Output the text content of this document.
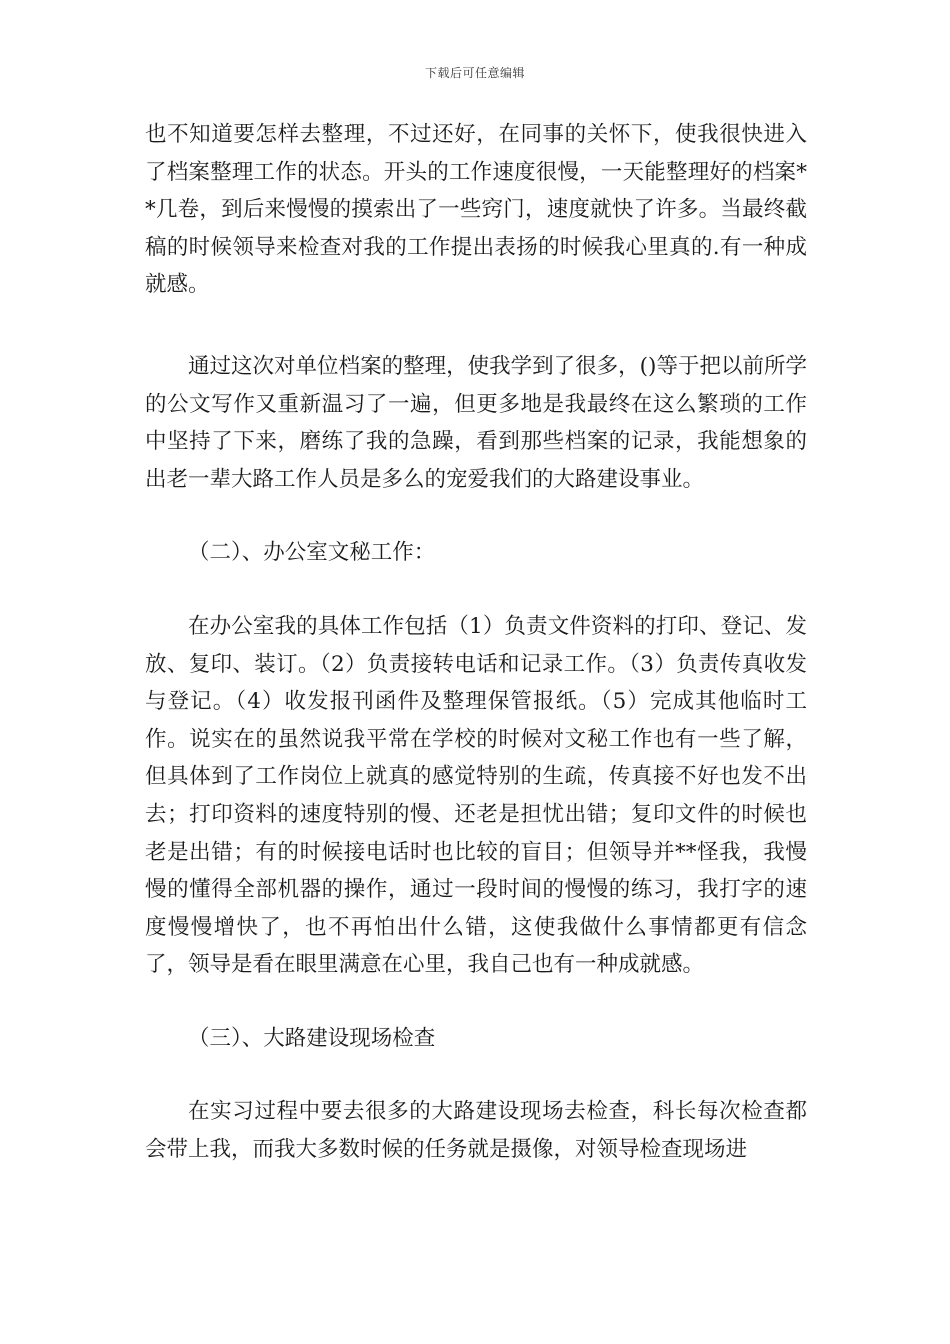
下载后可任意编辑

也不知道要怎样去整理，不过还好，在同事的关怀下，使我很快进入了档案整理工作的状态。开头的工作速度很慢，一天能整理好的档案**几卷，到后来慢慢的摸索出了一些窍门，速度就快了许多。当最终截稿的时候领导来检查对我的工作提出表扬的时候我心里真的.有一种成就感。

通过这次对单位档案的整理，使我学到了很多，()等于把以前所学的公文写作又重新温习了一遍，但更多地是我最终在这么繁琐的工作中坚持了下来，磨练了我的急躁，看到那些档案的记录，我能想象的出老一辈大路工作人员是多么的宠爱我们的大路建设事业。

（二）、办公室文秘工作：

在办公室我的具体工作包括（1）负责文件资料的打印、登记、发放、复印、装订。（2）负责接转电话和记录工作。（3）负责传真收发与登记。（4）收发报刊函件及整理保管报纸。（5）完成其他临时工作。说实在的虽然说我平常在学校的时候对文秘工作也有一些了解，但具体到了工作岗位上就真的感觉特别的生疏，传真接不好也发不出去；打印资料的速度特别的慢、还老是担忧出错；复印文件的时候也老是出错；有的时候接电话时也比较的盲目；但领导并**怪我，我慢慢的懂得全部机器的操作，通过一段时间的慢慢的练习，我打字的速度慢慢增快了，也不再怕出什么错，这使我做什么事情都更有信念了，领导是看在眼里满意在心里，我自己也有一种成就感。

（三）、大路建设现场检查

在实习过程中要去很多的大路建设现场去检查，科长每次检查都会带上我，而我大多数时候的任务就是摄像，对领导检查现场进
